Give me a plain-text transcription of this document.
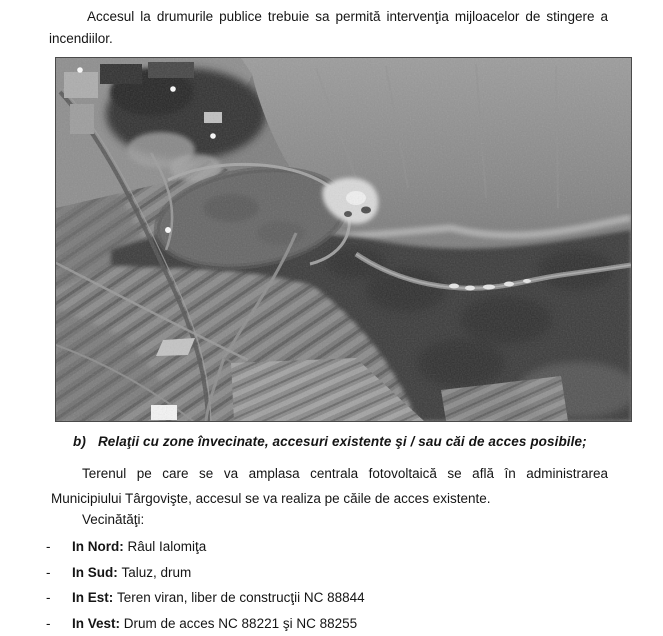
Accesul la drumurile publice trebuie sa permită intervenţia mijloacelor de stingere a
incendiilor.
b) Relaţii cu zone învecinate, accesuri existente şi / sau căi de acces posibile;
Terenul pe care se va amplasa centrala fotovoltaică se află în administrarea
Municipiului Târgovişte, accesul se va realiza pe căile de acces existente.
Vecinătăţi:
-	In Nord: Râul Ialomiţa
-	In Sud: Taluz, drum
-	In Est: Teren viran, liber de construcţii NC 88844
-	In Vest: Drum de acces NC 88221 şi NC 88255
